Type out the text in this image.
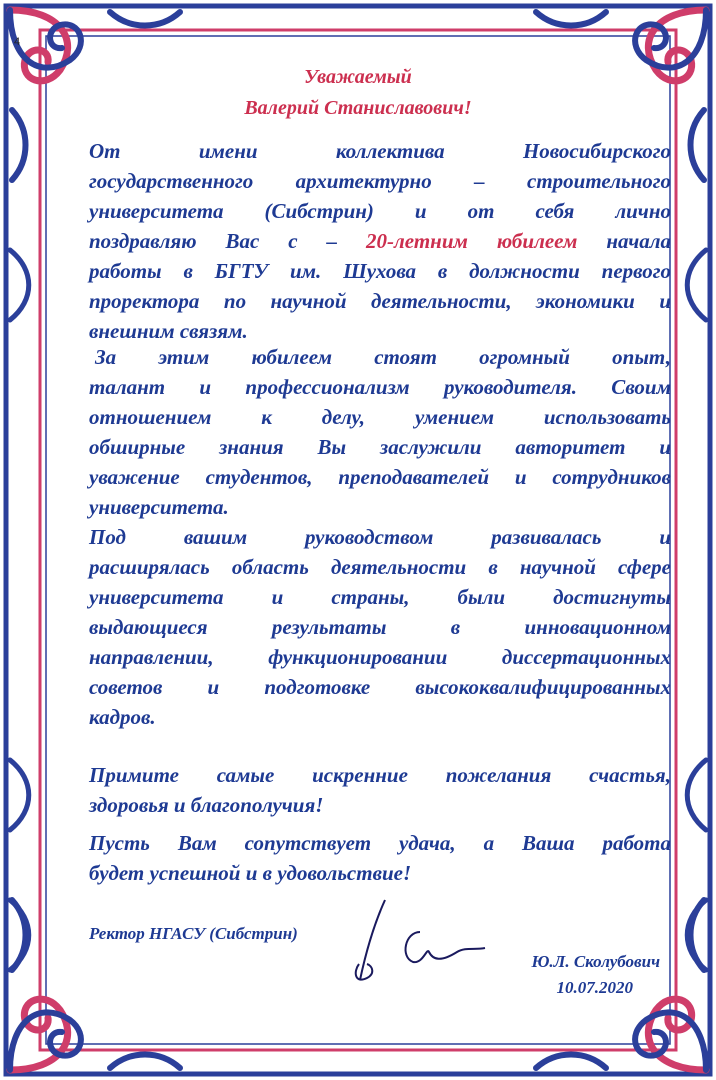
4
Уважаемый
Валерий Станиславович!
От имени коллектива Новосибирского
государственного архитектурно – строительного
университета (Сибстрин) и от себя лично
поздравляю Вас с – 20-летним юбилеем начала
работы в БГТУ им. Шухова в должности первого
проректора по научной деятельности, экономики и
внешним связям.
За этим юбилеем стоят огромный опыт,
талант и профессионализм руководителя. Своим
отношением к делу, умением использовать
обширные знания Вы заслужили авторитет и
уважение студентов, преподавателей и сотрудников
университета.
Под вашим руководством развивалась и
расширялась область деятельности в научной сфере
университета и страны, были достигнуты
выдающиеся результаты в инновационном
направлении, функционировании диссертационных
советов и подготовке высококвалифицированных
кадров.
Примите самые искренние пожелания счастья,
здоровья и благополучия!
Пусть Вам сопутствует удача, а Ваша работа
будет успешной и в удовольствие!
Ректор НГАСУ (Сибстрин)
Ю.Л. Сколубович
10.07.2020
